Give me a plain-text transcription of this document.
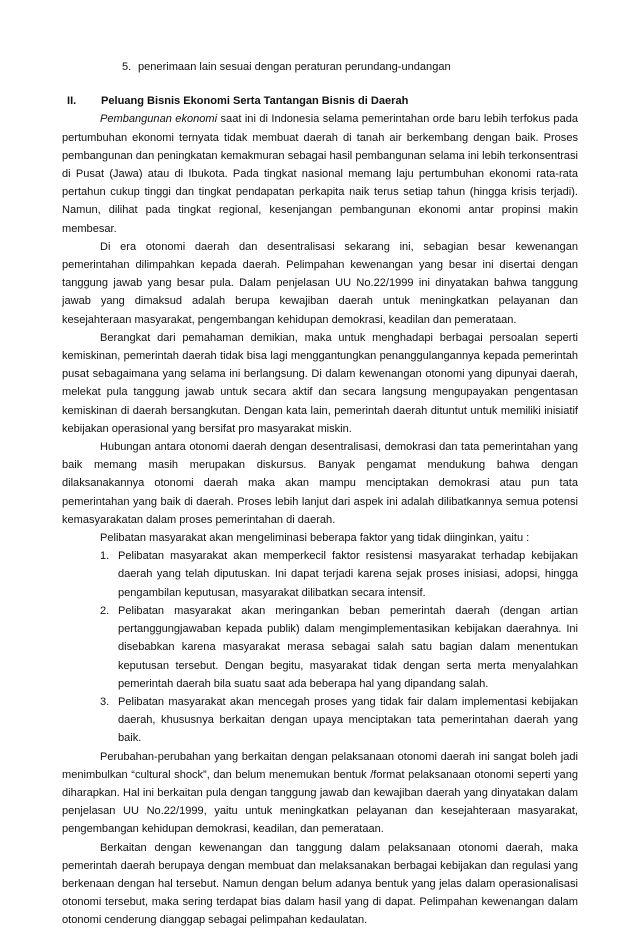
5. penerimaan lain sesuai dengan peraturan perundang-undangan

II.	Peluang Bisnis Ekonomi Serta Tantangan Bisnis di Daerah

Pembangunan ekonomi saat ini di Indonesia selama pemerintahan orde baru lebih terfokus pada pertumbuhan ekonomi ternyata tidak membuat daerah di tanah air berkembang dengan baik. Proses pembangunan dan peningkatan kemakmuran sebagai hasil pembangunan selama ini lebih terkonsentrasi di Pusat (Jawa) atau di Ibukota. Pada tingkat nasional memang laju pertumbuhan ekonomi rata-rata pertahun cukup tinggi dan tingkat pendapatan perkapita naik terus setiap tahun (hingga krisis terjadi). Namun, dilihat pada tingkat regional, kesenjangan pembangunan ekonomi antar propinsi makin membesar.

Di era otonomi daerah dan desentralisasi sekarang ini, sebagian besar kewenangan pemerintahan dilimpahkan kepada daerah. Pelimpahan kewenangan yang besar ini disertai dengan tanggung jawab yang besar pula. Dalam penjelasan UU No.22/1999 ini dinyatakan bahwa tanggung jawab yang dimaksud adalah berupa kewajiban daerah untuk meningkatkan pelayanan dan kesejahteraan masyarakat, pengembangan kehidupan demokrasi, keadilan dan pemerataan.

Berangkat dari pemahaman demikian, maka untuk menghadapi berbagai persoalan seperti kemiskinan, pemerintah daerah tidak bisa lagi menggantungkan penanggulangannya kepada pemerintah pusat sebagaimana yang selama ini berlangsung. Di dalam kewenangan otonomi yang dipunyai daerah, melekat pula tanggung jawab untuk secara aktif dan secara langsung mengupayakan pengentasan kemiskinan di daerah bersangkutan. Dengan kata lain, pemerintah daerah dituntut untuk memiliki inisiatif kebijakan operasional yang bersifat pro masyarakat miskin.

Hubungan antara otonomi daerah dengan desentralisasi, demokrasi dan tata pemerintahan yang baik memang masih merupakan diskursus. Banyak pengamat mendukung bahwa dengan dilaksanakannya otonomi daerah maka akan mampu menciptakan demokrasi atau pun tata pemerintahan yang baik di daerah. Proses lebih lanjut dari aspek ini adalah dilibatkannya semua potensi kemasyarakatan dalam proses pemerintahan di daerah.

Pelibatan masyarakat akan mengeliminasi beberapa faktor yang tidak diinginkan, yaitu :

1. Pelibatan masyarakat akan memperkecil faktor resistensi masyarakat terhadap kebijakan daerah yang telah diputuskan. Ini dapat terjadi karena sejak proses inisiasi, adopsi, hingga pengambilan keputusan, masyarakat dilibatkan secara intensif.
2. Pelibatan masyarakat akan meringankan beban pemerintah daerah (dengan artian pertanggungjawaban kepada publik) dalam mengimplementasikan kebijakan daerahnya. Ini disebabkan karena masyarakat merasa sebagai salah satu bagian dalam menentukan keputusan tersebut. Dengan begitu, masyarakat tidak dengan serta merta menyalahkan pemerintah daerah bila suatu saat ada beberapa hal yang dipandang salah.
3. Pelibatan masyarakat akan mencegah proses yang tidak fair dalam implementasi kebijakan daerah, khususnya berkaitan dengan upaya menciptakan tata pemerintahan daerah yang baik.

Perubahan-perubahan yang berkaitan dengan pelaksanaan otonomi daerah ini sangat boleh jadi menimbulkan “cultural shock”, dan belum menemukan bentuk /format pelaksanaan otonomi seperti yang diharapkan. Hal ini berkaitan pula dengan tanggung jawab dan kewajiban daerah yang dinyatakan dalam penjelasan UU No.22/1999, yaitu untuk meningkatkan pelayanan dan kesejahteraan masyarakat, pengembangan kehidupan demokrasi, keadilan, dan pemerataan.

Berkaitan dengan kewenangan dan tanggung dalam pelaksanaan otonomi daerah, maka pemerintah daerah berupaya dengan membuat dan melaksanakan berbagai kebijakan dan regulasi yang berkenaan dengan hal tersebut. Namun dengan belum adanya bentuk yang jelas dalam operasionalisasi otonomi tersebut, maka sering terdapat bias dalam hasil yang di dapat. Pelimpahan kewenangan dalam otonomi cenderung dianggap sebagai pelimpahan kedaulatan.
